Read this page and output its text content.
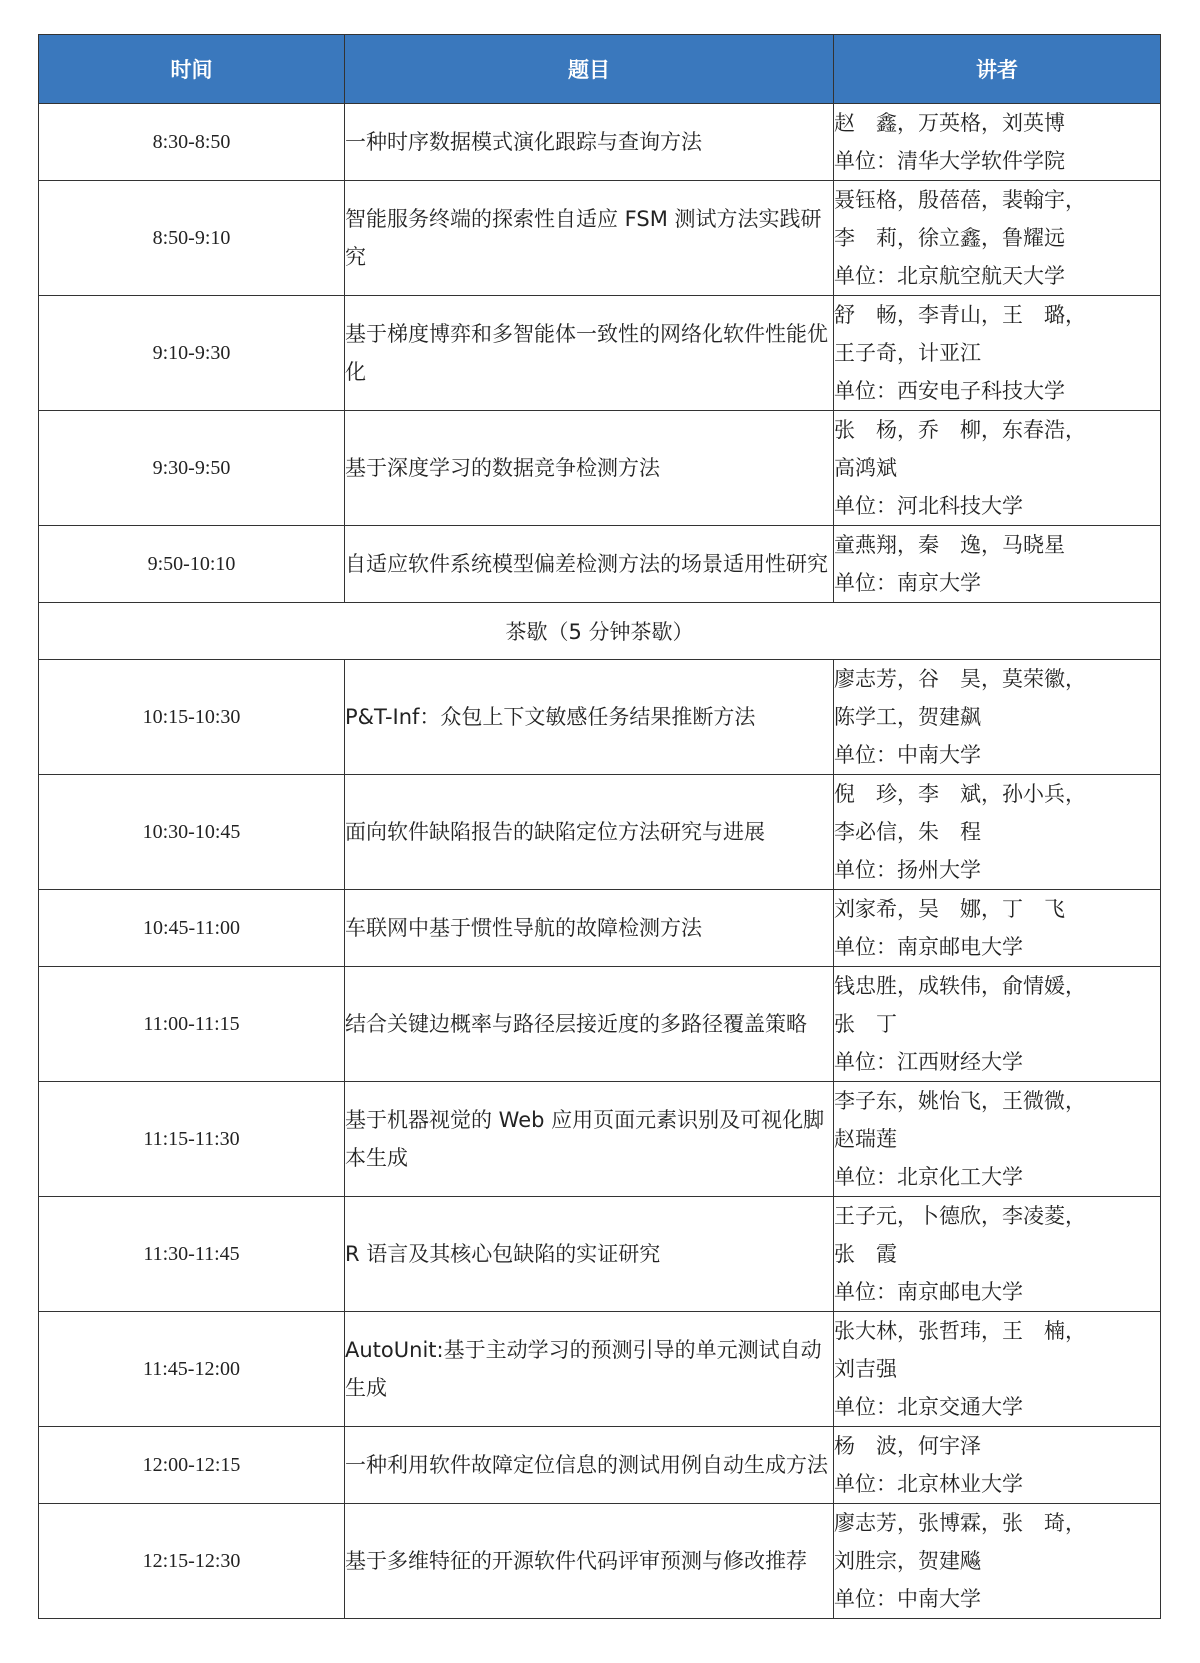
时间	题目	讲者
8:30-8:50	一种时序数据模式演化跟踪与查询方法	赵　鑫，万英格，刘英博
单位：清华大学软件学院

8:50-9:10	智能服务终端的探索性自适应 FSM 测试方法实践研究	聂钰格，殷蓓蓓，裴翰宇，
李　莉，徐立鑫，鲁耀远
单位：北京航空航天大学

9:10-9:30	基于梯度博弈和多智能体一致性的网络化软件性能优化	舒　畅，李青山，王　璐，
王子奇，计亚江
单位：西安电子科技大学

9:30-9:50	基于深度学习的数据竞争检测方法	张　杨，乔　柳，东春浩，
高鸿斌
单位：河北科技大学

9:50-10:10	自适应软件系统模型偏差检测方法的场景适用性研究	童燕翔，秦　逸，马晓星
单位：南京大学

茶歇（5 分钟茶歇）		
10:15-10:30	P&T-Inf：众包上下文敏感任务结果推断方法	廖志芳，谷　昊，莫荣徽，
陈学工，贺建飙
单位：中南大学

10:30-10:45	面向软件缺陷报告的缺陷定位方法研究与进展	倪　珍，李　斌，孙小兵，
李必信，朱　程
单位：扬州大学

10:45-11:00	车联网中基于惯性导航的故障检测方法	刘家希，吴　娜，丁　飞
单位：南京邮电大学

11:00-11:15	结合关键边概率与路径层接近度的多路径覆盖策略	钱忠胜，成轶伟，俞情媛，
张　丁
单位：江西财经大学

11:15-11:30	基于机器视觉的 Web 应用页面元素识别及可视化脚本生成	李子东，姚怡飞，王微微，
赵瑞莲
单位：北京化工大学

11:30-11:45	R 语言及其核心包缺陷的实证研究	王子元，卜德欣，李凌菱，
张　霞
单位：南京邮电大学

11:45-12:00	AutoUnit:基于主动学习的预测引导的单元测试自动生成	张大林，张哲玮，王　楠，
刘吉强
单位：北京交通大学

12:00-12:15	一种利用软件故障定位信息的测试用例自动生成方法	杨　波，何宇泽
单位：北京林业大学

12:15-12:30	基于多维特征的开源软件代码评审预测与修改推荐	廖志芳，张博霖，张　琦，
刘胜宗，贺建飚
单位：中南大学
